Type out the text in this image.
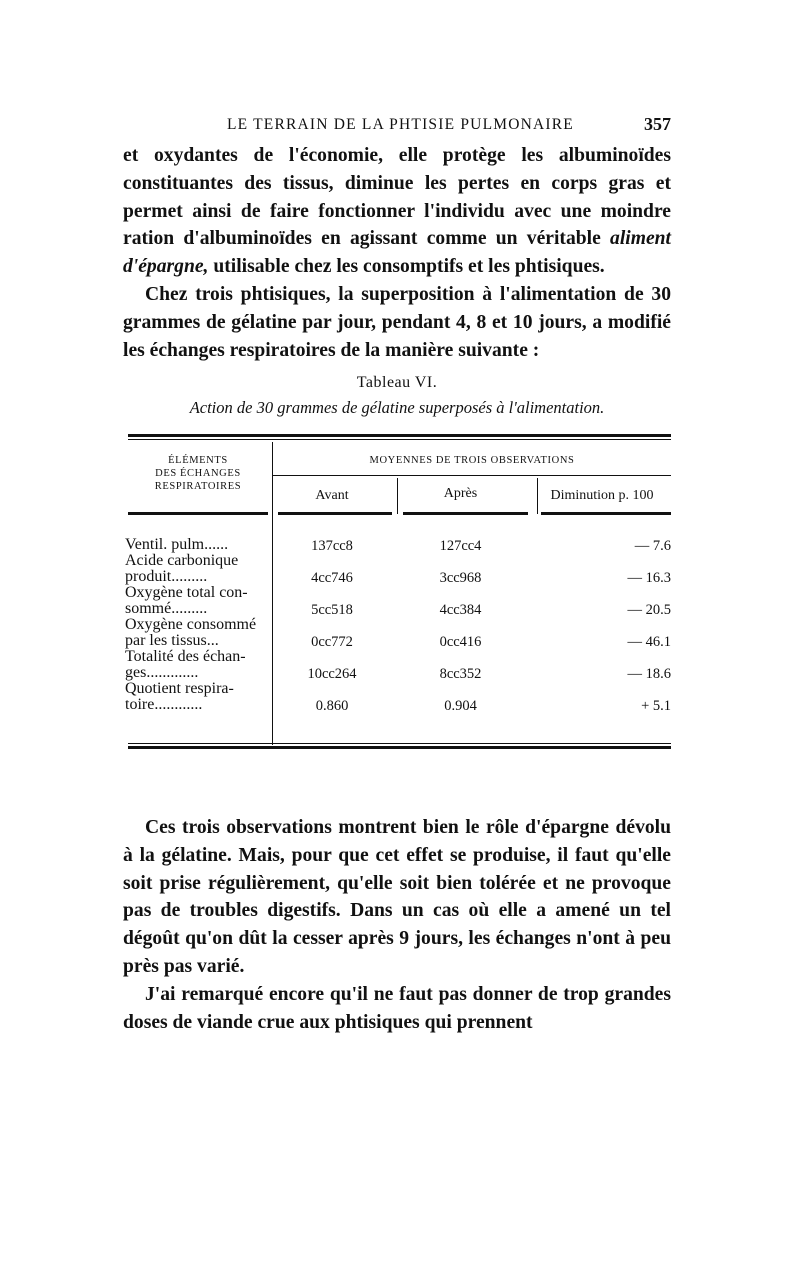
LE TERRAIN DE LA PHTISIE PULMONAIRE	357

et oxydantes de l'économie, elle protège les albuminoïdes constituantes des tissus, diminue les pertes en corps gras et permet ainsi de faire fonctionner l'individu avec une moindre ration d'albuminoïdes en agissant comme un véritable aliment d'épargne, utilisable chez les consomptifs et les phtisiques.

Chez trois phtisiques, la superposition à l'alimentation de 30 grammes de gélatine par jour, pendant 4, 8 et 10 jours, a modifié les échanges respiratoires de la manière suivante :

Tableau VI.
Action de 30 grammes de gélatine superposés à l'alimentation.
ÉLÉMENTS
DES ÉCHANGES
RESPIRATOIRES
MOYENNES DE TROIS OBSERVATIONS
Avant	Après	Diminution p. 100
Ventil. pulm......	137cc8	127cc4	— 7.6
Acide carbonique
produit.........	4cc746	3cc968	— 16.3
Oxygène total con-
sommé.........	5cc518	4cc384	— 20.5
Oxygène consommé
par les tissus...	0cc772	0cc416	— 46.1
Totalité des échan-
ges.............	10cc264	8cc352	— 18.6
Quotient respira-
toire............	0.860	0.904	+ 5.1

Ces trois observations montrent bien le rôle d'épargne dévolu à la gélatine. Mais, pour que cet effet se produise, il faut qu'elle soit prise régulièrement, qu'elle soit bien tolérée et ne provoque pas de troubles digestifs. Dans un cas où elle a amené un tel dégoût qu'on dût la cesser après 9 jours, les échanges n'ont à peu près pas varié.

J'ai remarqué encore qu'il ne faut pas donner de trop grandes doses de viande crue aux phtisiques qui prennent
